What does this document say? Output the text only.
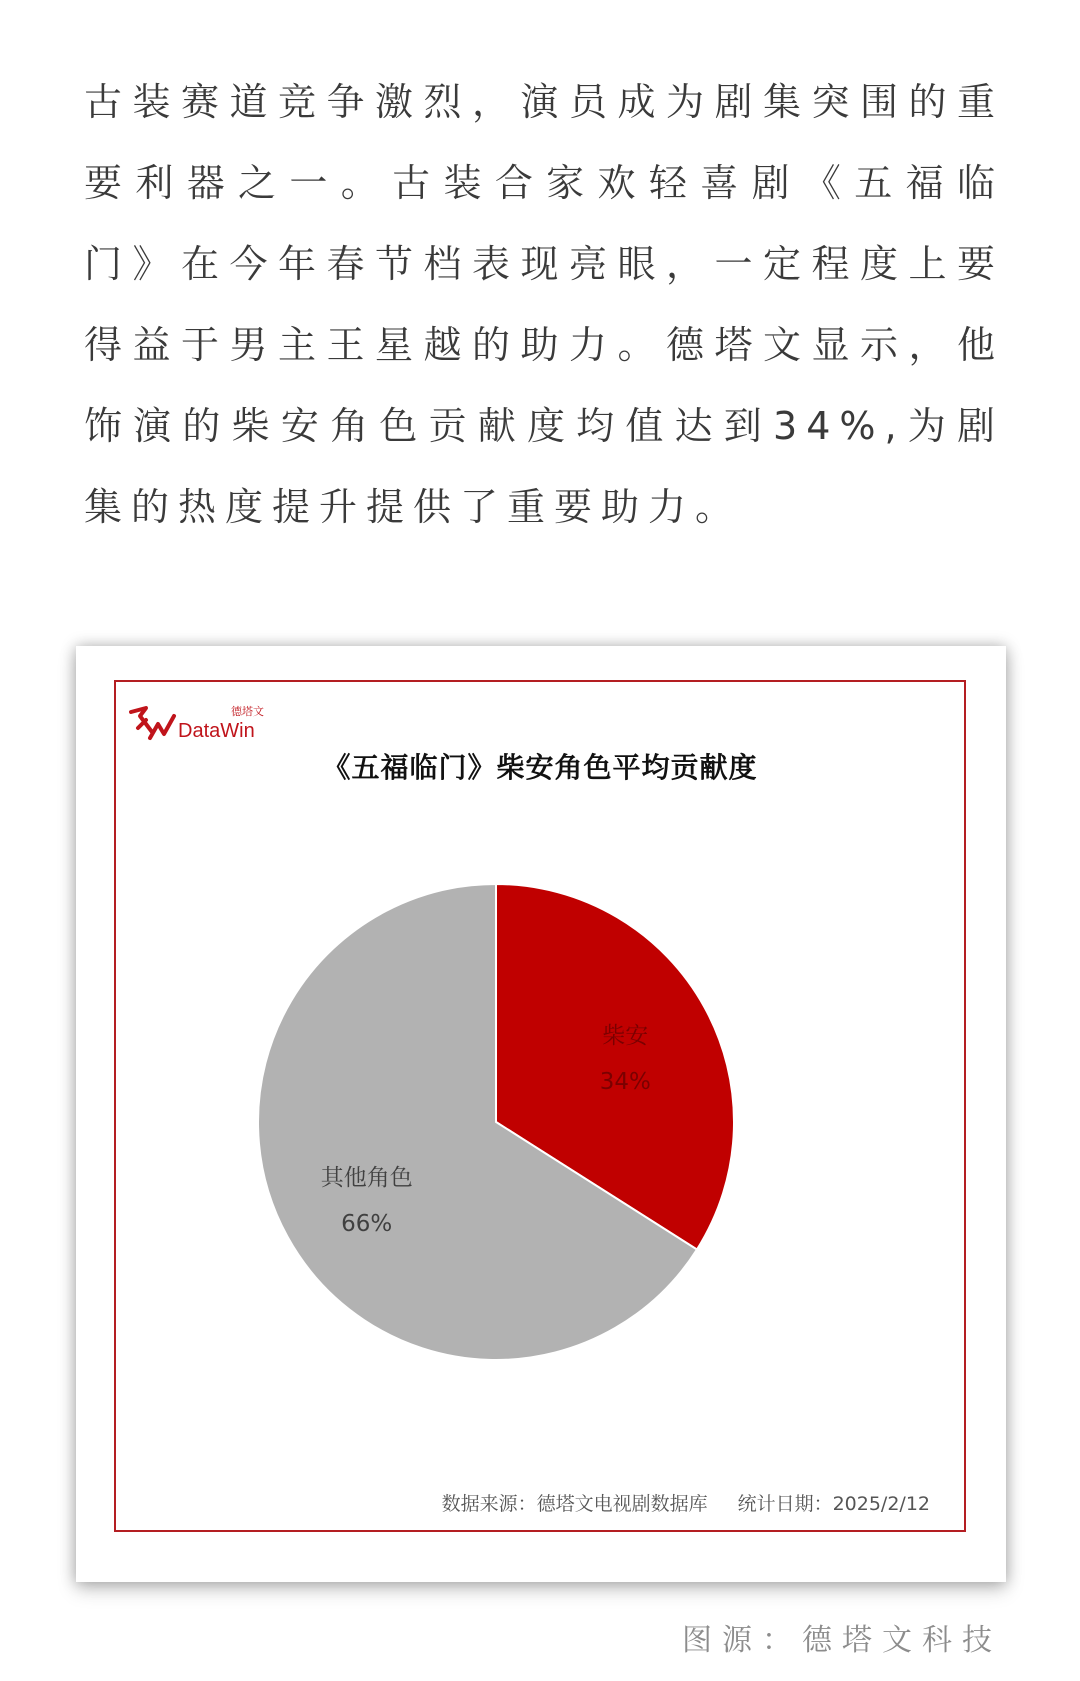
古装赛道竞争激烈，演员成为剧集突围的重要利器之一。古装合家欢轻喜剧《五福临门》在今年春节档表现亮眼，一定程度上要得益于男主王星越的助力。德塔文显示，他饰演的柴安角色贡献度均值达到34%,为剧集的热度提升提供了重要助力。

德塔文
DataWin
《五福临门》柴安角色平均贡献度
柴安
34%
其他角色
66%
数据来源：德塔文电视剧数据库 统计日期：2025/2/12
图源：德塔文科技
